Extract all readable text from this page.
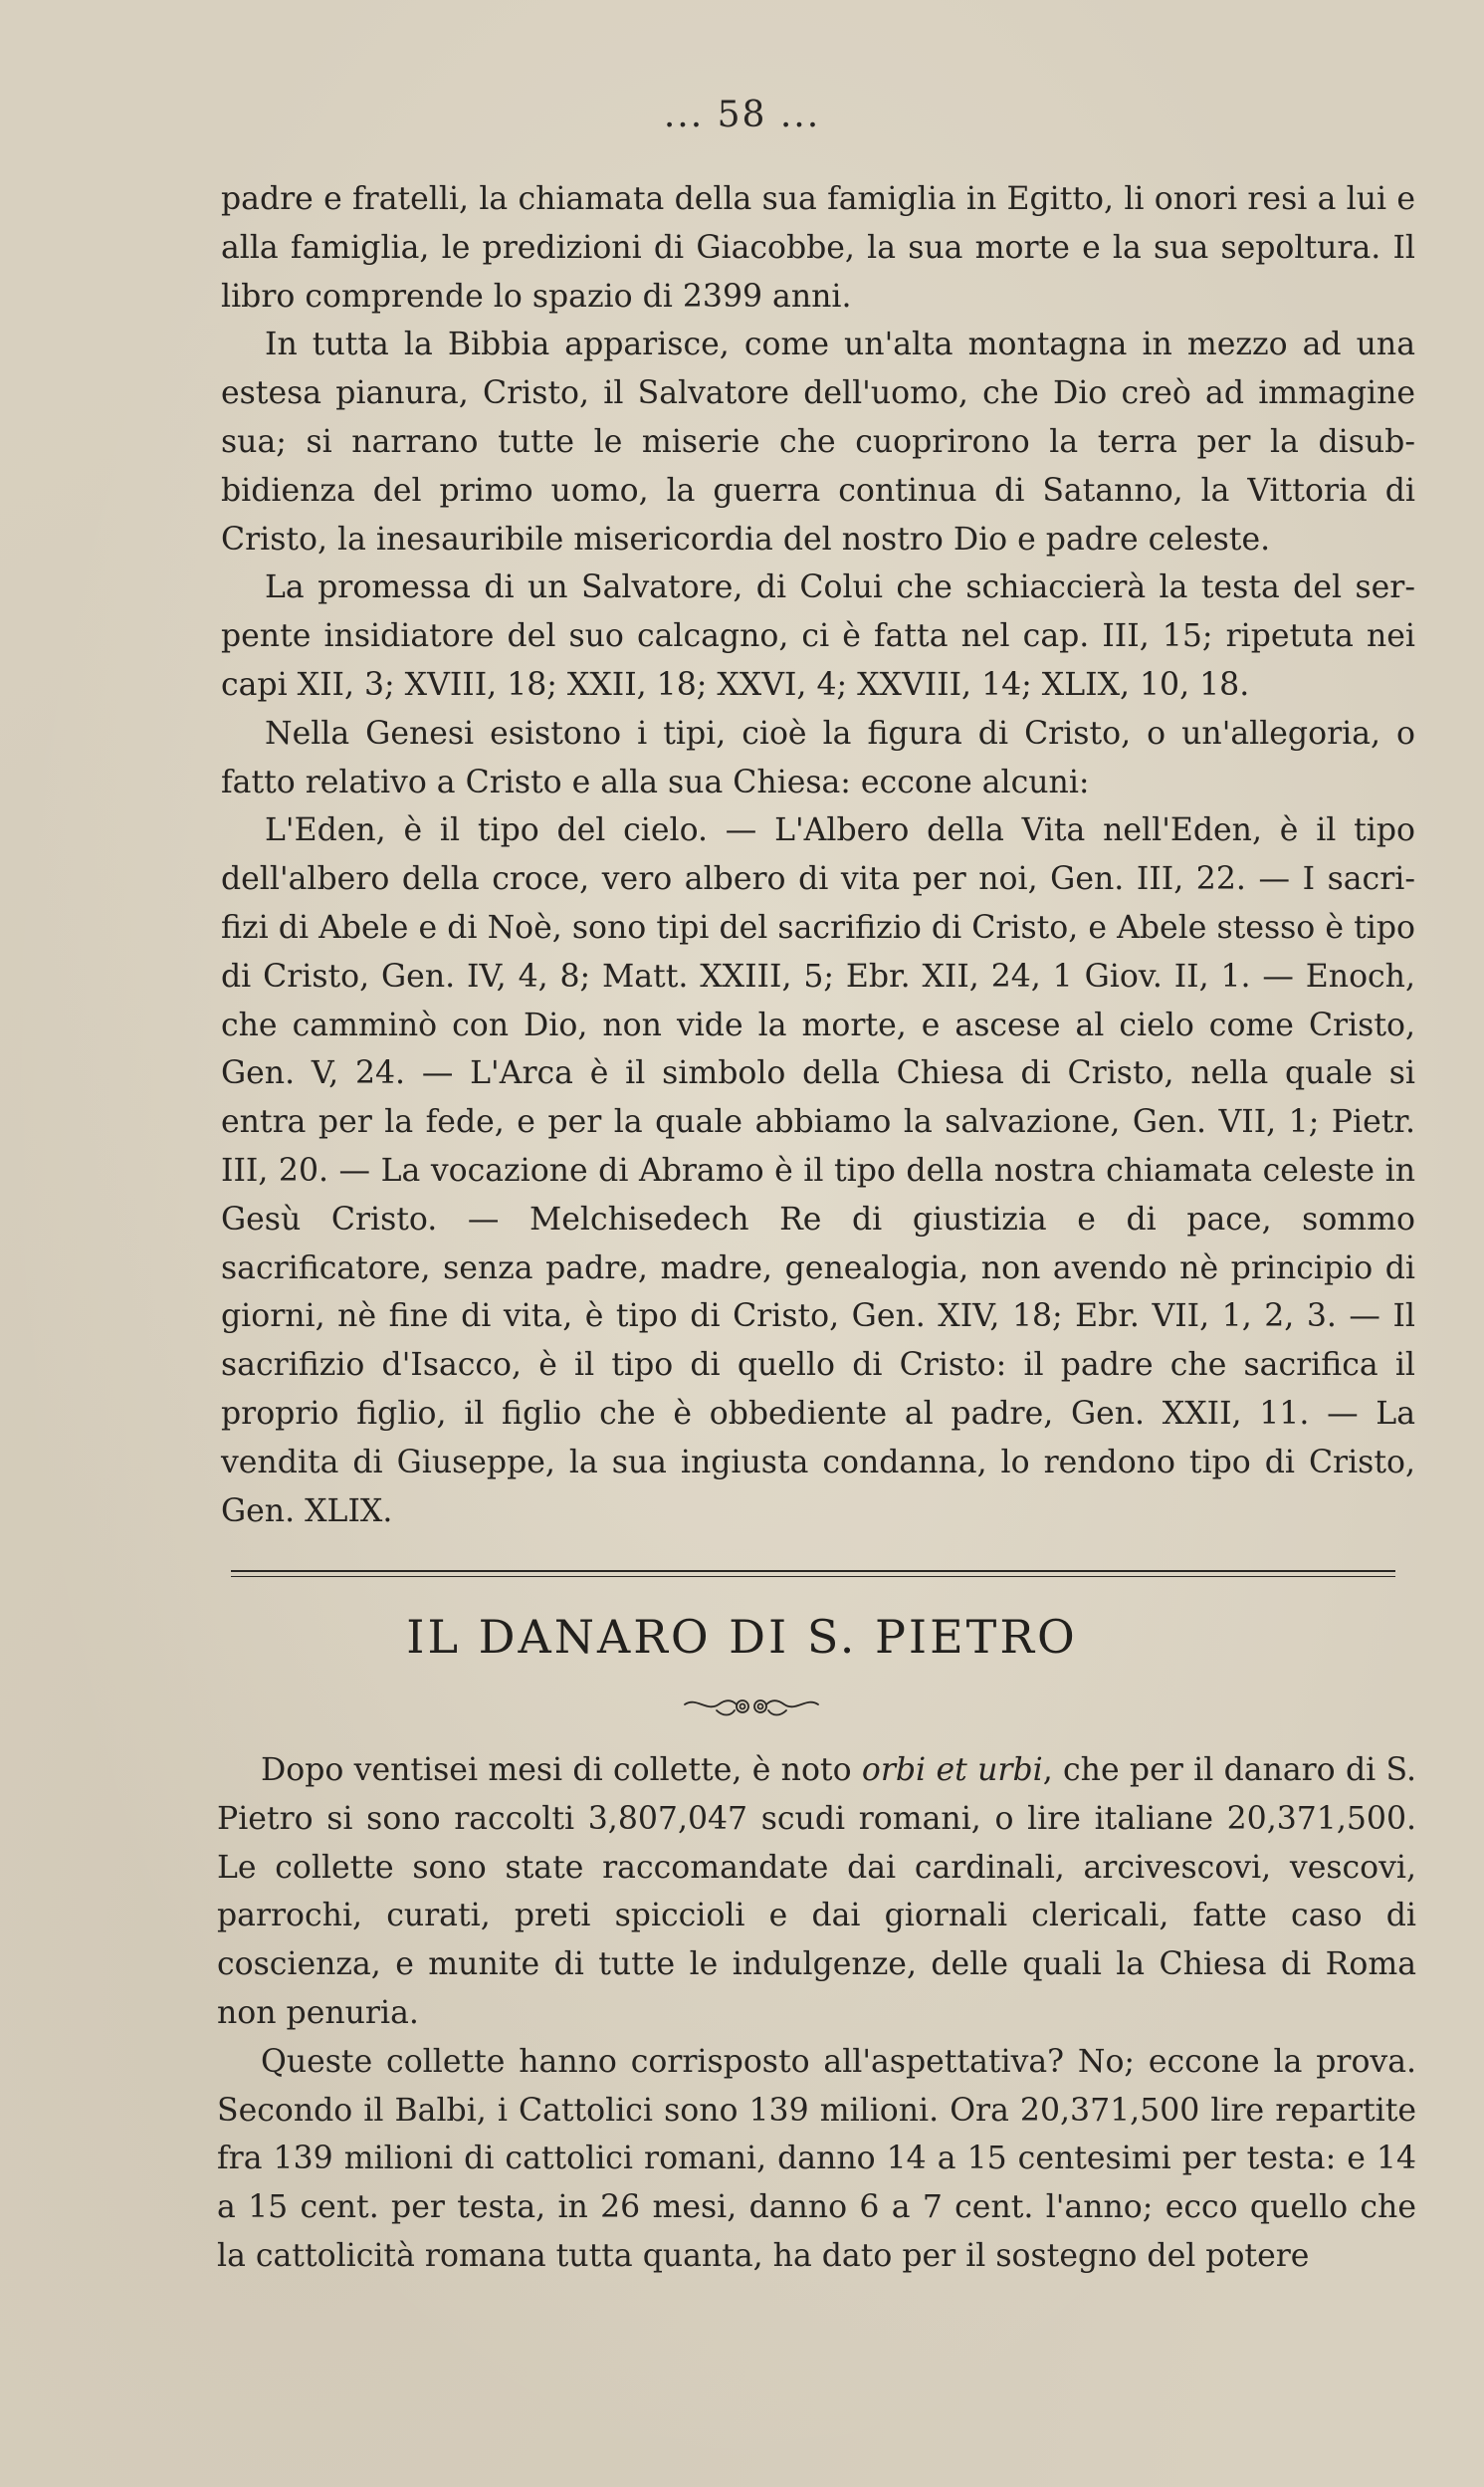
... 58 ...

padre e fratelli, la chiamata della sua famiglia in Egitto, li onori resi a lui e alla famiglia, le predizioni di Giacobbe, la sua morte e la sua sepoltura. Il libro comprende lo spazio di 2399 anni.

In tutta la Bibbia apparisce, come un'alta montagna in mezzo ad una estesa pianura, Cristo, il Salvatore dell'uomo, che Dio creò ad immagine sua; si narrano tutte le miserie che cuoprirono la terra per la disubbidienza del primo uomo, la guerra continua di Satanno, la Vittoria di Cristo, la inesauribile misericordia del nostro Dio e padre celeste.

La promessa di un Salvatore, di Colui che schiaccierà la testa del serpente insidiatore del suo calcagno, ci è fatta nel cap. III, 15; ripetuta nei capi XII, 3; XVIII, 18; XXII, 18; XXVI, 4; XXVIII, 14; XLIX, 10, 18.

Nella Genesi esistono i tipi, cioè la figura di Cristo, o un'allegoria, o fatto relativo a Cristo e alla sua Chiesa: eccone alcuni:

L'Eden, è il tipo del cielo. — L'Albero della Vita nell'Eden, è il tipo dell'albero della croce, vero albero di vita per noi, Gen. III, 22. — I sacrifizi di Abele e di Noè, sono tipi del sacrifizio di Cristo, e Abele stesso è tipo di Cristo, Gen. IV, 4, 8; Matt. XXIII, 5; Ebr. XII, 24, 1 Giov. II, 1. — Enoch, che camminò con Dio, non vide la morte, e ascese al cielo come Cristo, Gen. V, 24. — L'Arca è il simbolo della Chiesa di Cristo, nella quale si entra per la fede, e per la quale abbiamo la salvazione, Gen. VII, 1; Pietr. III, 20. — La vocazione di Abramo è il tipo della nostra chiamata celeste in Gesù Cristo. — Melchisedech Re di giustizia e di pace, sommo sacrificatore, senza padre, madre, genealogia, non avendo nè principio di giorni, nè fine di vita, è tipo di Cristo, Gen. XIV, 18; Ebr. VII, 1, 2, 3. — Il sacrifizio d'Isacco, è il tipo di quello di Cristo: il padre che sacrifica il proprio figlio, il figlio che è obbediente al padre, Gen. XXII, 11. — La vendita di Giuseppe, la sua ingiusta condanna, lo rendono tipo di Cristo, Gen. XLIX.

IL DANARO DI S. PIETRO

Dopo ventisei mesi di collette, è noto orbi et urbi, che per il danaro di S. Pietro si sono raccolti 3,807,047 scudi romani, o lire italiane 20,371,500. Le collette sono state raccomandate dai cardinali, arcivescovi, vescovi, parrochi, curati, preti spiccioli e dai giornali clericali, fatte caso di coscienza, e munite di tutte le indulgenze, delle quali la Chiesa di Roma non penuria.

Queste collette hanno corrisposto all'aspettativa? No; eccone la prova. Secondo il Balbi, i Cattolici sono 139 milioni. Ora 20,371,500 lire repartite fra 139 milioni di cattolici romani, danno 14 a 15 centesimi per testa: e 14 a 15 cent. per testa, in 26 mesi, danno 6 a 7 cent. l'anno; ecco quello che la cattolicità romana tutta quanta, ha dato per il sostegno del potere
